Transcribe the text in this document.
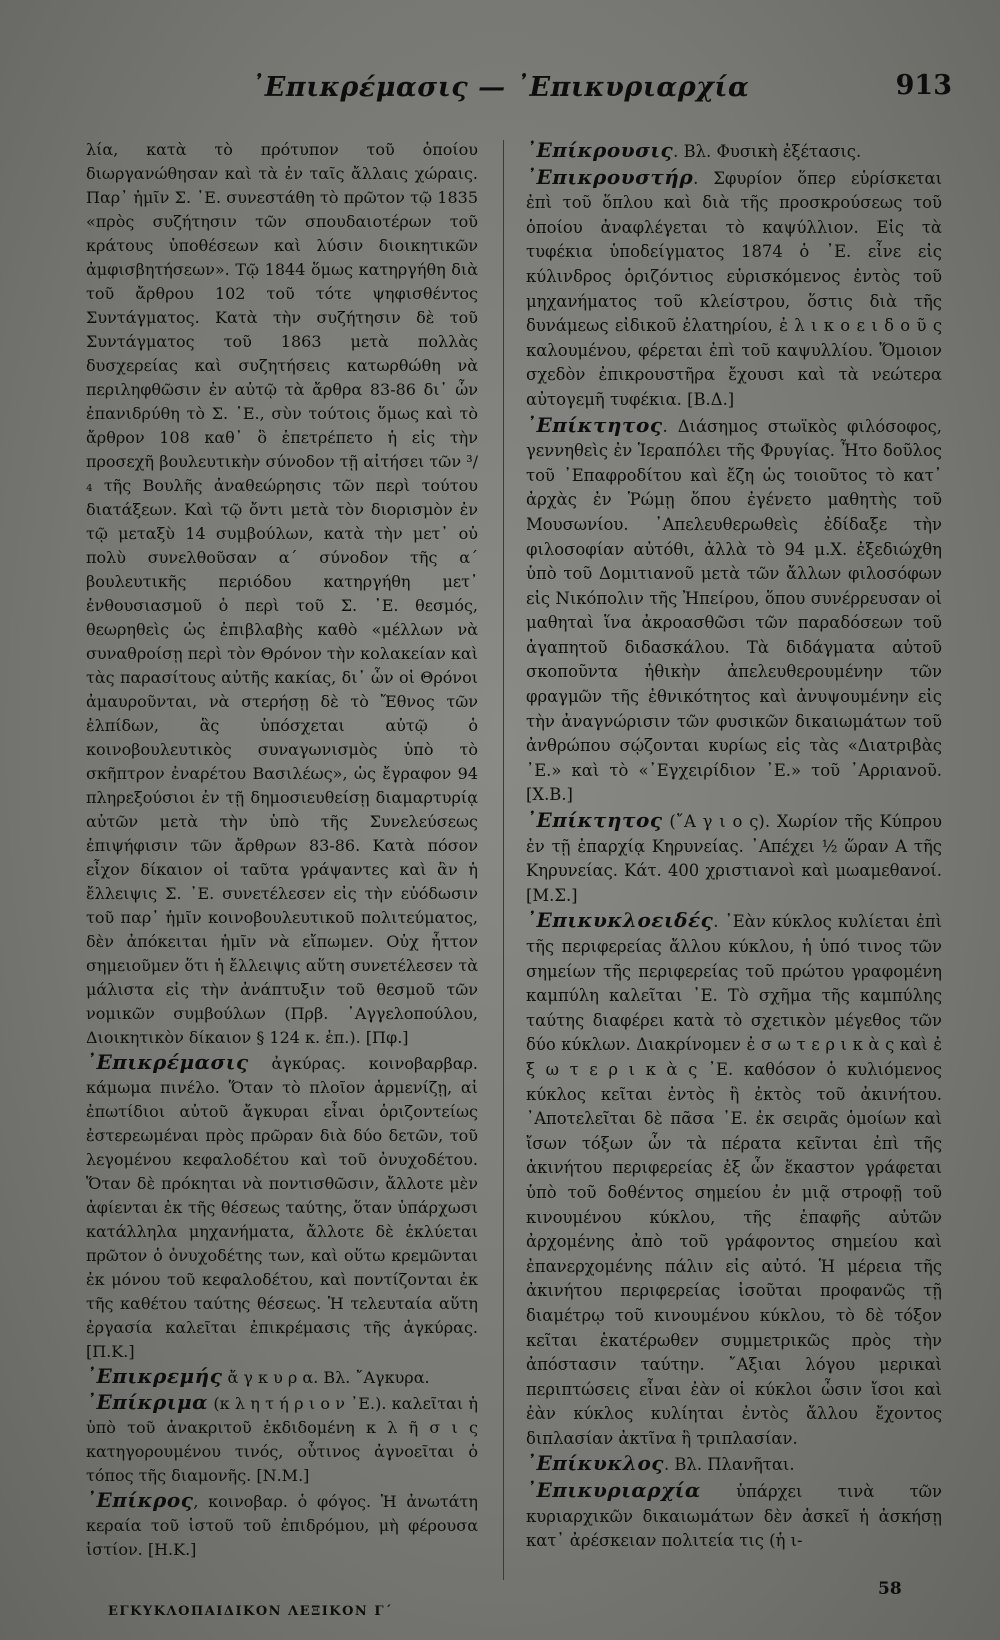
᾿Επικρέμασις — ᾿Επικυριαρχία	913

λία, κατὰ τὸ πρότυπον τοῦ ὁποίου διωργανώθησαν καὶ τὰ ἐν ταῖς ἄλλαις χώραις. Παρ᾿ ἡμῖν Σ. ᾿Ε. συνεστάθη τὸ πρῶτον τῷ 1835 «πρὸς συζήτησιν τῶν σπουδαιοτέρων τοῦ κράτους ὑποθέσεων καὶ λύσιν διοικητικῶν ἀμφισβητήσεων». Τῷ 1844 ὅμως κατηργήθη διὰ τοῦ ἄρθρου 102 τοῦ τότε ψηφισθέντος Συντάγματος. Κατὰ τὴν συζήτησιν δὲ τοῦ Συντάγματος τοῦ 1863 μετὰ πολλὰς δυσχερείας καὶ συζητήσεις κατωρθώθη νὰ περιληφθῶσιν ἐν αὐτῷ τὰ ἄρθρα 83-86 δι᾿ ὧν ἐπανιδρύθη τὸ Σ. ᾿Ε., σὺν τούτοις ὅμως καὶ τὸ ἄρθρον 108 καθ᾿ ὃ ἐπετρέπετο ἡ εἰς τὴν προσεχῆ βουλευτικὴν σύνοδον τῇ αἰτήσει τῶν ³/₄ τῆς Βουλῆς ἀναθεώρησις τῶν περὶ τούτου διατάξεων. Καὶ τῷ ὄντι μετὰ τὸν διορισμὸν ἐν τῷ μεταξὺ 14 συμβούλων, κατὰ τὴν μετ᾿ οὐ πολὺ συνελθοῦσαν α΄ σύνοδον τῆς α΄ βουλευτικῆς περιόδου κατηργήθη μετ᾿ ἐνθουσιασμοῦ ὁ περὶ τοῦ Σ. ᾿Ε. θεσμός, θεωρηθεὶς ὡς ἐπιβλαβὴς καθὸ «μέλλων νὰ συναθροίσῃ περὶ τὸν Θρόνον τὴν κολακείαν καὶ τὰς παρασίτους αὐτῆς κακίας, δι᾿ ὧν οἱ Θρόνοι ἀμαυροῦνται, νὰ στερήσῃ δὲ τὸ Ἔθνος τῶν ἐλπίδων, ἃς ὑπόσχεται αὐτῷ ὁ κοινοβουλευτικὸς συναγωνισμὸς ὑπὸ τὸ σκῆπτρον ἐναρέτου Βασιλέως», ὡς ἔγραφον 94 πληρεξούσιοι ἐν τῇ δημοσιευθείσῃ διαμαρτυρίᾳ αὐτῶν μετὰ τὴν ὑπὸ τῆς Συνελεύσεως ἐπιψήφισιν τῶν ἄρθρων 83-86. Κατὰ πόσον εἶχον δίκαιον οἱ ταῦτα γράψαντες καὶ ἂν ἡ ἔλλειψις Σ. ᾿Ε. συνετέλεσεν εἰς τὴν εὐόδωσιν τοῦ παρ᾿ ἡμῖν κοινοβουλευτικοῦ πολιτεύματος, δὲν ἀπόκειται ἡμῖν νὰ εἴπωμεν. Οὐχ ἧττον σημειοῦμεν ὅτι ἡ ἔλλειψις αὕτη συνετέλεσεν τὰ μάλιστα εἰς τὴν ἀνάπτυξιν τοῦ θεσμοῦ τῶν νομικῶν συμβούλων (Πρβ. ᾿Αγγελοπούλου, Διοικητικὸν δίκαιον § 124 κ. ἑπ.). [Πφ.]

᾿Επικρέμασις ἀγκύρας. κοινοβαρβαρ. κάμωμα πινέλο. Ὅταν τὸ πλοῖον ἁρμενίζῃ, αἱ ἐπωτίδιοι αὐτοῦ ἄγκυραι εἶναι ὁριζοντείως ἐστερεωμέναι πρὸς πρῶραν διὰ δύο δετῶν, τοῦ λεγομένου κεφαλοδέτου καὶ τοῦ ὀνυχοδέτου. Ὅταν δὲ πρόκηται νὰ ποντισθῶσιν, ἄλλοτε μὲν ἀφίενται ἐκ τῆς θέσεως ταύτης, ὅταν ὑπάρχωσι κατάλληλα μηχανήματα, ἄλλοτε δὲ ἐκλύεται πρῶτον ὁ ὀνυχοδέτης των, καὶ οὕτω κρεμῶνται ἐκ μόνου τοῦ κεφαλοδέτου, καὶ ποντίζονται ἐκ τῆς καθέτου ταύτης θέσεως. Ἡ τελευταία αὕτη ἐργασία καλεῖται ἐπικρέμασις τῆς ἀγκύρας. [Π.Κ.]

᾿Επικρεμής ἄ γ κ υ ρ α. Βλ. ῎Αγκυρα.

᾿Επίκριμα (κ λ η τ ή ρ ι ο ν ᾿Ε.). καλεῖται ἡ ὑπὸ τοῦ ἀνακριτοῦ ἐκδιδομένη κ λ ῆ σ ι ς κατηγορουμένου τινός, οὗτινος ἀγνοεῖται ὁ τόπος τῆς διαμονῆς. [Ν.Μ.]

᾿Επίκρος, κοινοβαρ. ὁ φόγος. Ἡ ἀνωτάτη κεραία τοῦ ἱστοῦ τοῦ ἐπιδρόμου, μὴ φέρουσα ἱστίον. [Η.Κ.]

᾿Επίκρουσις. Βλ. Φυσικὴ ἐξέτασις.

᾿Επικρουστήρ. Σφυρίον ὅπερ εὑρίσκεται ἐπὶ τοῦ ὅπλου καὶ διὰ τῆς προσκρούσεως τοῦ ὁποίου ἀναφλέγεται τὸ καψύλλιον. Εἰς τὰ τυφέκια ὑποδείγματος 1874 ὁ ᾿Ε. εἶνε εἰς κύλινδρος ὁριζόντιος εὑρισκόμενος ἐντὸς τοῦ μηχανήματος τοῦ κλείστρου, ὅστις διὰ τῆς δυνάμεως εἰδικοῦ ἐλατηρίου, ἐ λ ι κ ο ε ι δ ο ῦ ς καλουμένου, φέρεται ἐπὶ τοῦ καψυλλίου. Ὅμοιον σχεδὸν ἐπικρουστῆρα ἔχουσι καὶ τὰ νεώτερα αὐτογεμῆ τυφέκια. [Β.Δ.]

᾿Επίκτητος. Διάσημος στωϊκὸς φιλόσοφος, γεννηθεὶς ἐν Ἱεραπόλει τῆς Φρυγίας. Ἦτο δοῦλος τοῦ ᾿Επαφροδίτου καὶ ἔζη ὡς τοιοῦτος τὸ κατ᾿ ἀρχὰς ἐν Ῥώμῃ ὅπου ἐγένετο μαθητὴς τοῦ Μουσωνίου. ᾿Απελευθερωθεὶς ἐδίδαξε τὴν φιλοσοφίαν αὐτόθι, ἀλλὰ τὸ 94 μ.Χ. ἐξεδιώχθη ὑπὸ τοῦ Δομιτιανοῦ μετὰ τῶν ἄλλων φιλοσόφων εἰς Νικόπολιν τῆς Ἠπείρου, ὅπου συνέρρευσαν οἱ μαθηταὶ ἵνα ἀκροασθῶσι τῶν παραδόσεων τοῦ ἀγαπητοῦ διδασκάλου. Τὰ διδάγματα αὐτοῦ σκοποῦντα ἠθικὴν ἀπελευθερουμένην τῶν φραγμῶν τῆς ἐθνικότητος καὶ ἀνυψουμένην εἰς τὴν ἀναγνώρισιν τῶν φυσικῶν δικαιωμάτων τοῦ ἀνθρώπου σῴζονται κυρίως εἰς τὰς «Διατριβὰς ᾿Ε.» καὶ τὸ «᾿Εγχειρίδιον ᾿Ε.» τοῦ ᾿Αρριανοῦ. [Χ.Β.]

᾿Επίκτητος (῎Α γ ι ο ς). Χωρίον τῆς Κύπρου ἐν τῇ ἐπαρχίᾳ Κηρυνείας. ᾿Απέχει ½ ὥραν Α τῆς Κηρυνείας. Κάτ. 400 χριστιανοὶ καὶ μωαμεθανοί. [Μ.Σ.]

᾿Επικυκλοειδές. ᾿Εὰν κύκλος κυλίεται ἐπὶ τῆς περιφερείας ἄλλου κύκλου, ἡ ὑπό τινος τῶν σημείων τῆς περιφερείας τοῦ πρώτου γραφομένη καμπύλη καλεῖται ᾿Ε. Τὸ σχῆμα τῆς καμπύλης ταύτης διαφέρει κατὰ τὸ σχετικὸν μέγεθος τῶν δύο κύκλων. Διακρίνομεν ἐ σ ω τ ε ρ ι κ ὰ ς καὶ ἐ ξ ω τ ε ρ ι κ ὰ ς ᾿Ε. καθόσον ὁ κυλιόμενος κύκλος κεῖται ἐντὸς ἢ ἐκτὸς τοῦ ἀκινήτου. ᾿Αποτελεῖται δὲ πᾶσα ᾿Ε. ἐκ σειρᾶς ὁμοίων καὶ ἴσων τόξων ὧν τὰ πέρατα κεῖνται ἐπὶ τῆς ἀκινήτου περιφερείας ἐξ ὧν ἕκαστον γράφεται ὑπὸ τοῦ δοθέντος σημείου ἐν μιᾷ στροφῇ τοῦ κινουμένου κύκλου, τῆς ἐπαφῆς αὐτῶν ἀρχομένης ἀπὸ τοῦ γράφοντος σημείου καὶ ἐπανερχομένης πάλιν εἰς αὐτό. Ἡ μέρεια τῆς ἀκινήτου περιφερείας ἰσοῦται προφανῶς τῇ διαμέτρῳ τοῦ κινουμένου κύκλου, τὸ δὲ τόξον κεῖται ἑκατέρωθεν συμμετρικῶς πρὸς τὴν ἀπόστασιν ταύτην. ῎Αξιαι λόγου μερικαὶ περιπτώσεις εἶναι ἐὰν οἱ κύκλοι ὦσιν ἴσοι καὶ ἐὰν κύκλος κυλίηται ἐντὸς ἄλλου ἔχοντος διπλασίαν ἀκτῖνα ἢ τριπλασίαν.

᾿Επίκυκλος. Βλ. Πλανῆται.

᾿Επικυριαρχία ὑπάρχει τινὰ τῶν κυριαρχικῶν δικαιωμάτων δὲν ἀσκεῖ ἡ ἀσκήσῃ κατ᾿ ἀρέσκειαν πολιτεία τις (ἡ ι-

ΕΓΚΥΚΛΟΠΑΙΔΙΚΟΝ ΛΕΞΙΚΟΝ Γ΄
58
